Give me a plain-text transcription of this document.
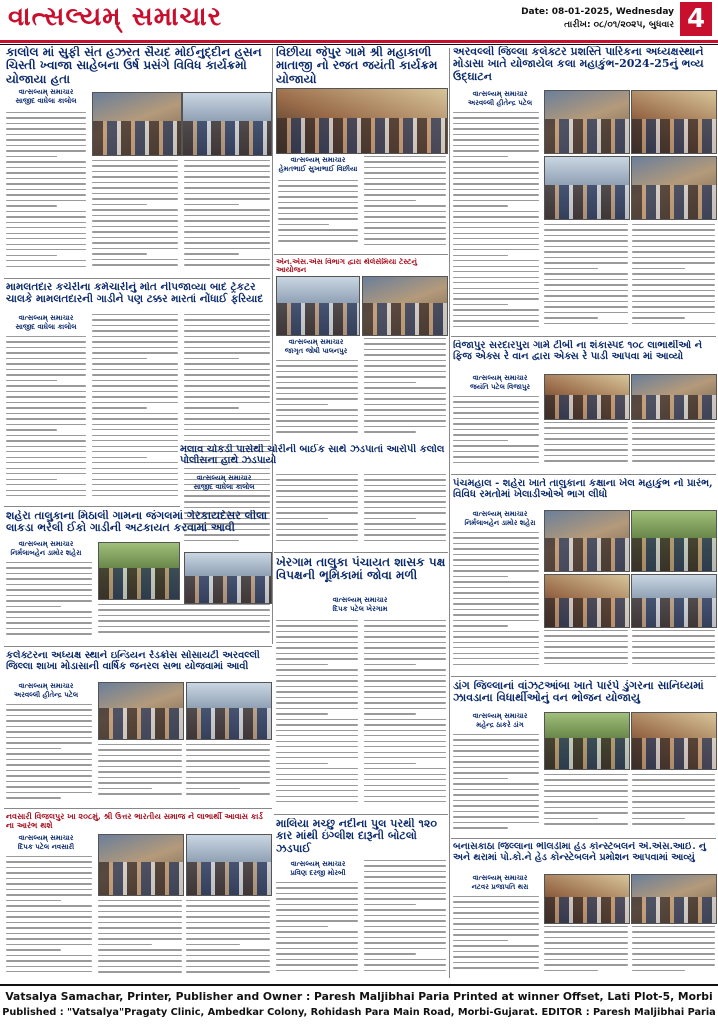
વાત્સલ્યમ્ સમાચાર	Date: 08-01-2025, Wednesday
તારીખ: ૦૮/૦૧/૨૦૨૫, બુધવાર 4
કાલોલ માં સુફી સંત હઝરત સૈયદ મોઈનુદ્દીન હસન ચિસ્તી ખ્વાજા સાહેબના ઉર્ષ પ્રસંગે વિવિધ કાર્યક્રમો યોજાયા હતા
વાત્સલ્યમ્ સમાચાર
સાજીદ વાઘેલા કાલોલ
વિછીયા જેપુર ગામે શ્રી મહાકાળી માતાજી નો રજત જયંતી કાર્યક્રમ યોજાયો
વાત્સલ્યમ્ સમાચાર
હેમતભાઈ સુખાભાઈ વિછીયા
એન.એસ.એસ વિભાગ દ્વારા થેલેસેમિયા ટેસ્ટનું આયોજન
અરવલ્લી જિલ્લા કલેક્ટર પ્રશસ્તિ પારિકના અધ્યક્ષસ્થાને મોડાસા ખાતે યોજાયેલ કલા મહાકુંભ-2024-25નું ભવ્ય ઉદ્ઘાટન
વાત્સલ્યમ્ સમાચાર
અરવલ્લી હીતેન્દ્ર પટેલ
મામલતદાર કચેરીના કર્મચારીનું મોત નીપજાવ્યા બાદ ટ્રેકટર ચાલકે મામલતદારની ગાડીને પણ ટક્કર મારતાં નોંધાઈ ફરિયાદ
વાત્સલ્યમ્ સમાચાર
સાજીદ વાઘેલા કાલોલ
વિજાપુર સરદારપુરા ગામે ટીબી ના શંકાસ્પદ ૧૦૮ લાભાર્થીઓ ને ફિજ એક્સ રે વાન દ્વારા એક્સ રે પાડી આપવા માં આવ્યો
વાત્સલ્યમ્ સમાચાર
જયંતિ પટેલ વિજાપુર
વાત્સલ્યમ્ સમાચાર
જાગૃત જોષી પાલનપુર
મલાવ ચોકડી પાસેથી ચોરીની બાઈક સાથે ઝડપાતાં આરોપી કલોલ પોલીસના હાથે ઝડપાયો
વાત્સલ્યમ્ સમાચાર
સાજીદ વાઘેલા કાલોલ
શહેરા તાલુકાના મિઠાલી ગામના જંગલમાં ગેરકાયદેસર લીલા લાકડા ભરેલી ઈકો ગાડીની અટકાયત કરવામાં આવી
વાત્સલ્યમ્ સમાચાર
નિર્મલાબહેન ડામોર શહેરા
પંચમહાલ - શહેરા ખાતે તાલુકાના કક્ષાના ખેલ મહાકુંભ નો પ્રારંભ, વિવિધ રમતોમાં ખેલાડીઓએ ભાગ લીધો
વાત્સલ્યમ્ સમાચાર
નિર્મલાબહેન ડામોર શહેરા
ખેરગામ તાલુકા પંચાયત શાસક પક્ષ વિપક્ષની ભૂમિકામાં જોવા મળી
વાત્સલ્યમ્ સમાચાર
દિપક પટેલ ખેરગામ
કલેક્ટરના અધ્યક્ષ સ્થાને ઇન્ડિયન રેડક્રોસ સોસાયટી અરવલ્લી જિલ્લા શાખા મોડાસાની વાર્ષિક જનરલ સભા યોજવામાં આવી
વાત્સલ્યમ્ સમાચાર
અરવલ્લી હીતેન્દ્ર પટેલ
ડાંગ જિલ્લાનાં વાંઝટઆંબા ખાતે પારંપે ડુંગરના સાનિધ્યમાં ઝાવડાના વિધાર્થીઓનું વન ભોજન યોજાયુ
વાત્સલ્યમ્ સમાચાર
મહેન્દ્ર ઠાકરે ડાંગ
માલિયા મચ્છુ નદીના પુલ પરથી ૧૨૦ કાર માંથી ઇંગ્લીશ દારૂની બોટલો ઝડપાઈ
વાત્સલ્યમ્ સમાચાર
પ્રવિણ દરજી મોરબી
નવસારી વિજલપુર ખા ૨૦૮મું, શ્રી ઉત્તર ભારતીય સમાજ ને લાભાર્થી આવાસ કાર્ડ ના આરંભ થશે
વાત્સલ્યમ્ સમાચાર
દિપક પટેલ નવસારી	બનાસકાંઠા જિલ્લાના ભીલડીમાં હેડ કોન્સ્ટેબલને એ.એસ.આઈ. નું અને થરામાં પો.કો.ને હેડ કોન્સ્ટેબલને પ્રમોશન આપવામાં આવ્યું
વાત્સલ્યમ્ સમાચાર
નટવર પ્રજાપતિ થરા
Vatsalya Samachar, Printer, Publisher and Owner : Paresh Maljibhai Paria Printed at winner Offset, Lati Plot-5, Morbi
Published : "Vatsalya"Pragaty Clinic, Ambedkar Colony, Rohidash Para Main Road, Morbi-Gujarat. EDITOR : Paresh Maljibhai Paria
